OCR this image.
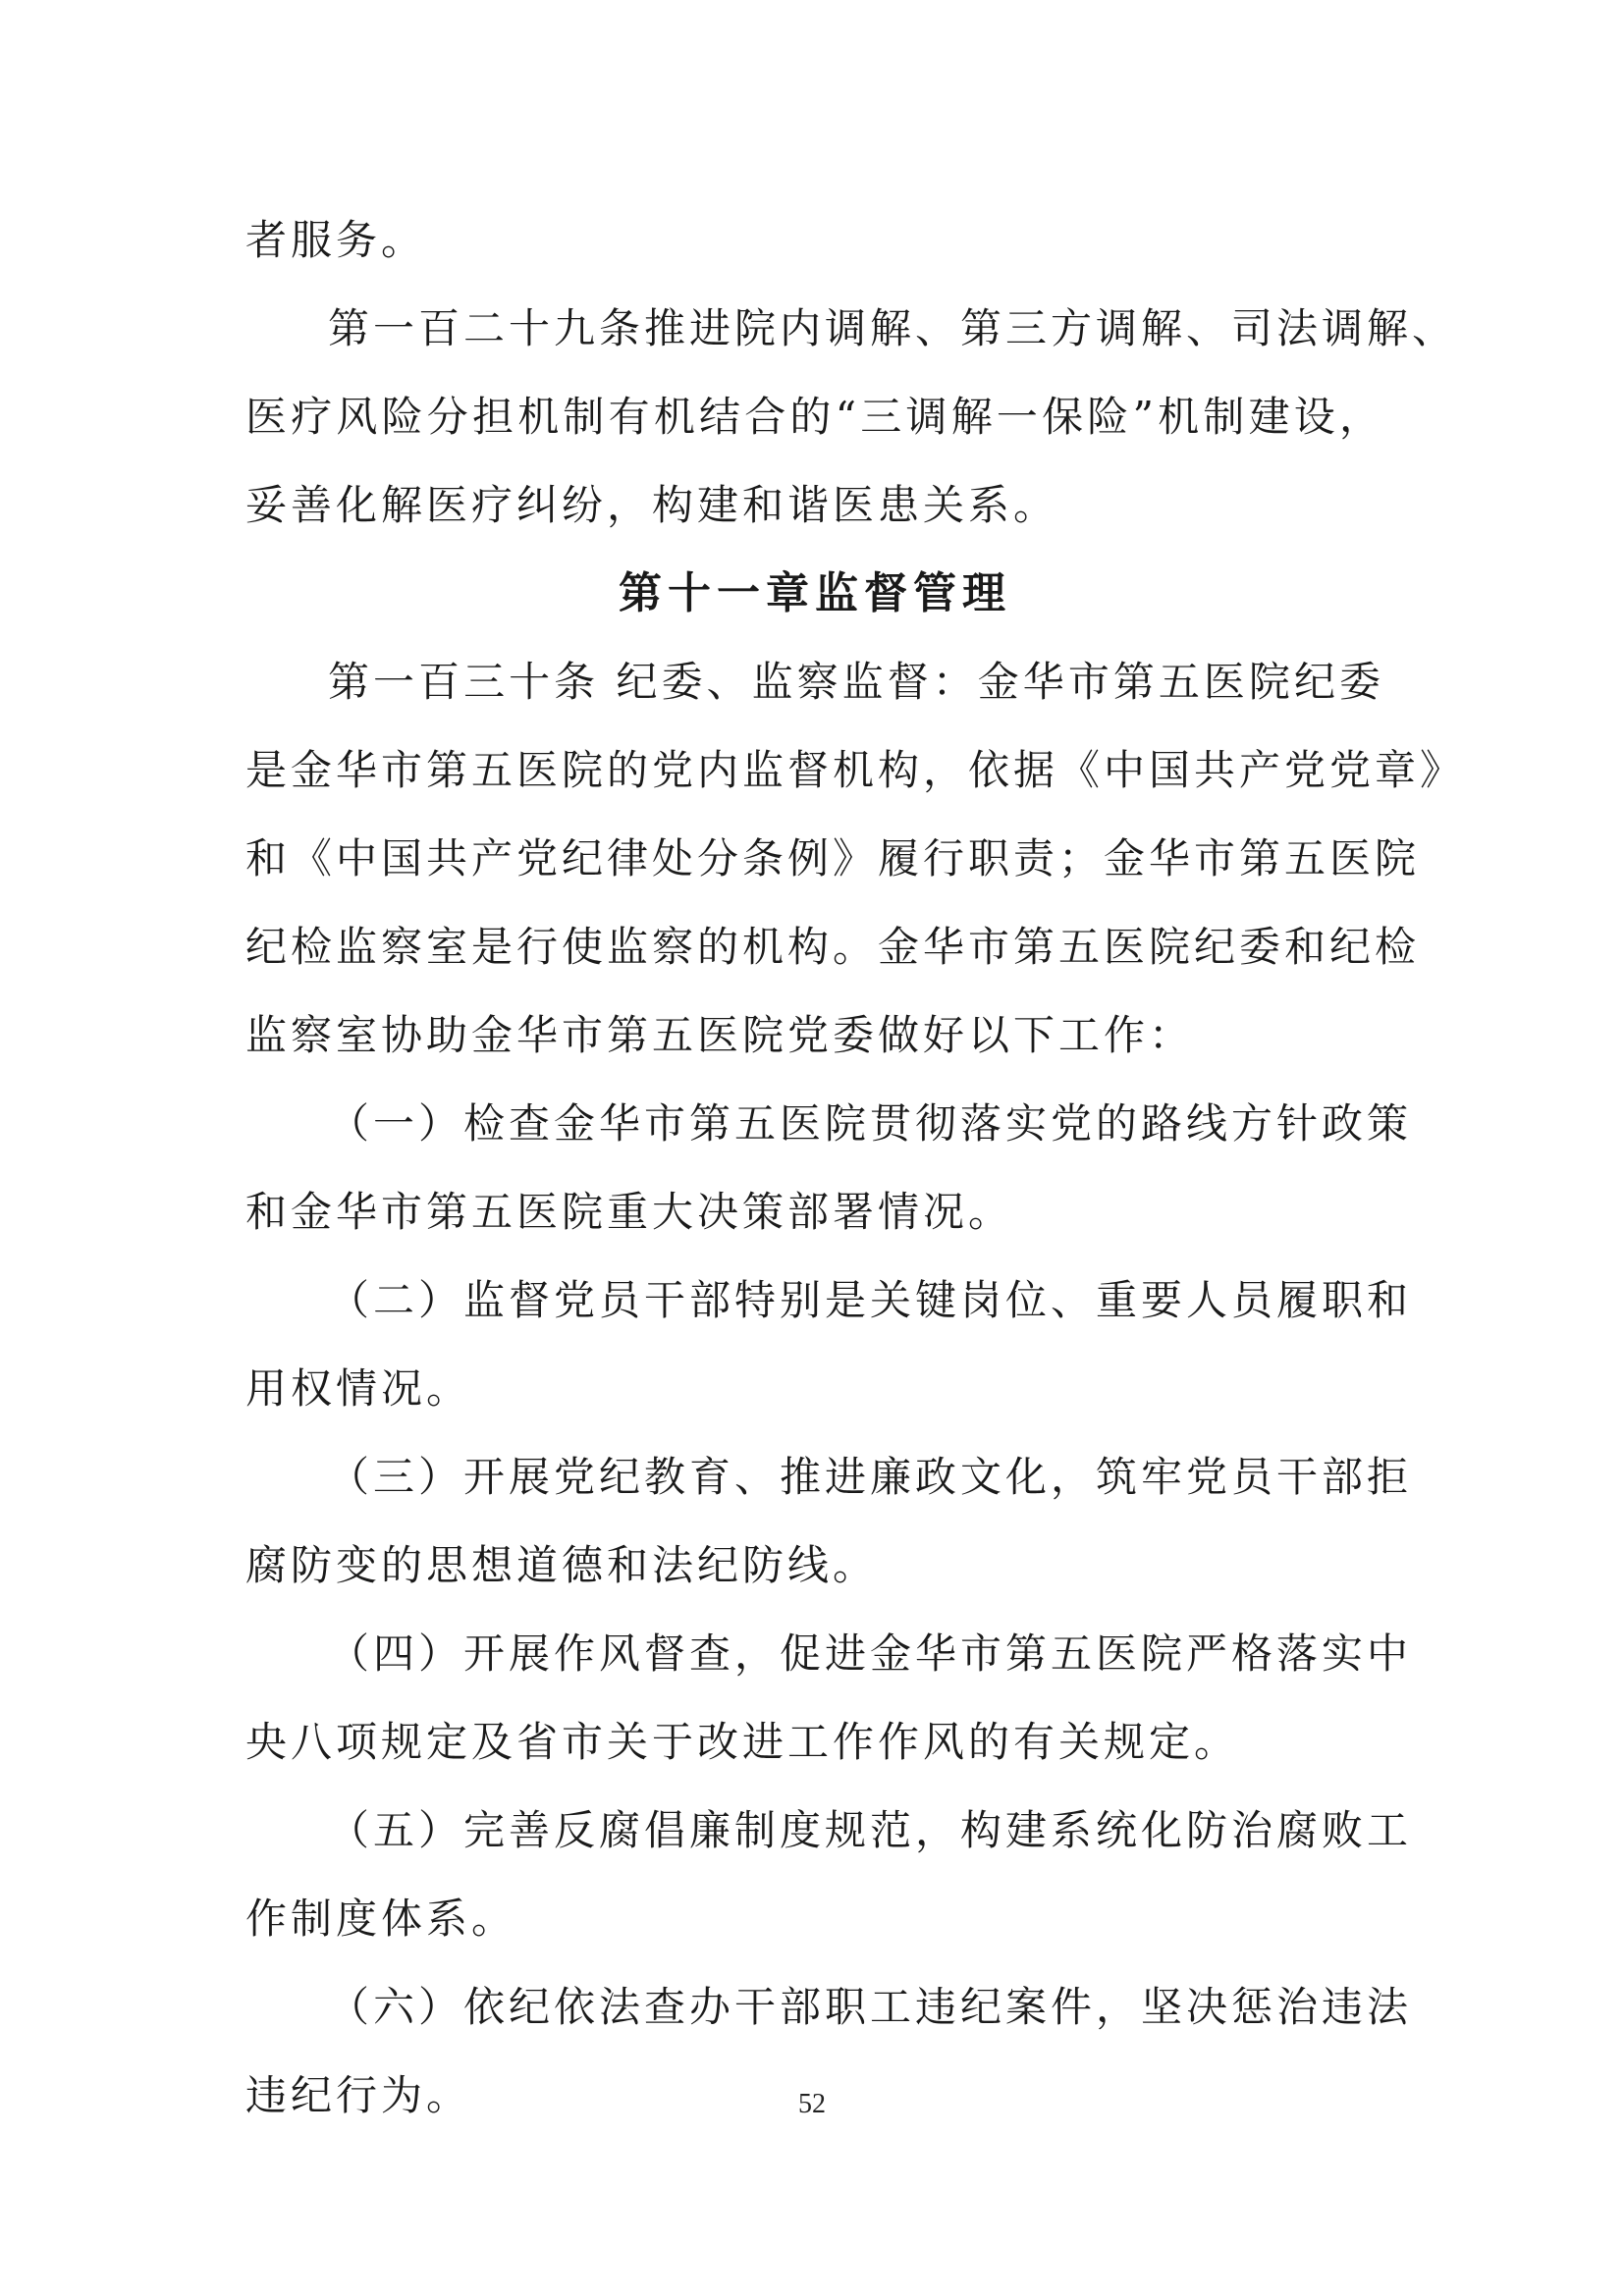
者服务。
第一百二十九条推进院内调解、第三方调解、司法调解、
医疗风险分担机制有机结合的“三调解一保险”机制建设，
妥善化解医疗纠纷，构建和谐医患关系。
第十一章监督管理
第一百三十条 纪委、监察监督：金华市第五医院纪委
是金华市第五医院的党内监督机构，依据《中国共产党党章》
和《中国共产党纪律处分条例》履行职责；金华市第五医院
纪检监察室是行使监察的机构。金华市第五医院纪委和纪检
监察室协助金华市第五医院党委做好以下工作：
（一）检查金华市第五医院贯彻落实党的路线方针政策
和金华市第五医院重大决策部署情况。
（二）监督党员干部特别是关键岗位、重要人员履职和
用权情况。
（三）开展党纪教育、推进廉政文化，筑牢党员干部拒
腐防变的思想道德和法纪防线。
（四）开展作风督查，促进金华市第五医院严格落实中
央八项规定及省市关于改进工作作风的有关规定。
（五）完善反腐倡廉制度规范，构建系统化防治腐败工
作制度体系。
（六）依纪依法查办干部职工违纪案件，坚决惩治违法
违纪行为。	52
